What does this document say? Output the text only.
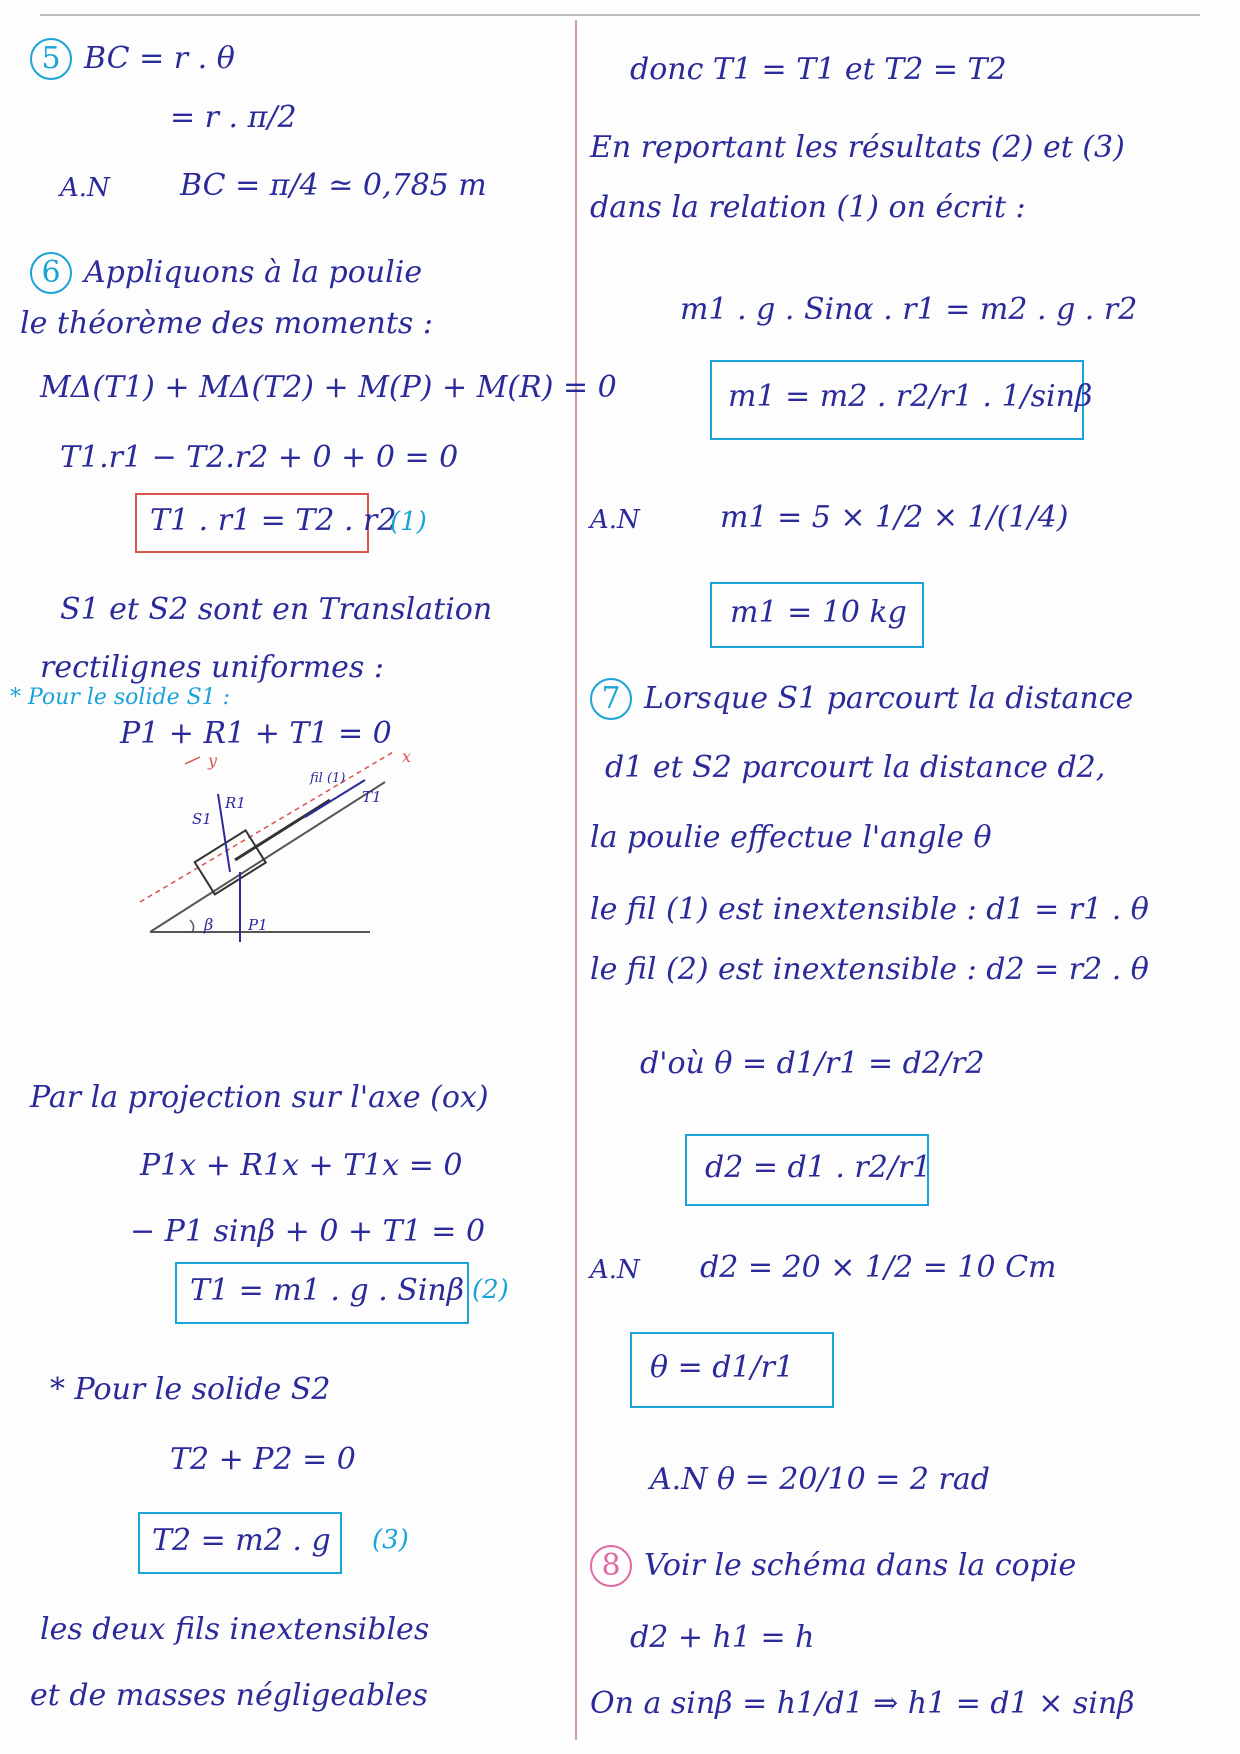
5 BC = r . θ
= r . π/2
A.N BC = π/4 ≃ 0,785 m
6 Appliquons à la poulie
le théorème des moments :
MΔ(T1) + MΔ(T2) + M(P) + M(R) = 0
T1.r1 − T2.r2 + 0 + 0 = 0
T1 . r1 = T2 . r2
(1)
S1 et S2 sont en Translation
rectilignes uniformes :
* Pour le solide S1 :
P1 + R1 + T1 = 0
y	x
S1
R1
fil (1)
T1
β P1
Par la projection sur l'axe (ox)
P1x + R1x + T1x = 0
− P1 sinβ + 0 + T1 = 0
T1 = m1 . g . Sinβ (2)
* Pour le solide S2
T2 + P2 = 0
T2 = m2 . g (3)
les deux fils inextensibles
et de masses négligeables
donc T1 = T1 et T2 = T2
En reportant les résultats (2) et (3)
dans la relation (1) on écrit :
m1 . g . Sinα . r1 = m2 . g . r2
m1 = m2 . r2/r1 . 1/sinβ
A.N	m1 = 5 × 1/2 × 1/(1/4)
m1 = 10 kg
7 Lorsque S1 parcourt la distance
d1 et S2 parcourt la distance d2,
la poulie effectue l'angle θ
le fil (1) est inextensible : d1 = r1 . θ
le fil (2) est inextensible : d2 = r2 . θ
d'où θ = d1/r1 = d2/r2
d2 = d1 . r2/r1
A.N d2 = 20 × 1/2 = 10 Cm
θ = d1/r1
A.N θ = 20/10 = 2 rad
8 Voir le schéma dans la copie
d2 + h1 = h
On a sinβ = h1/d1 ⇒ h1 = d1 × sinβ
